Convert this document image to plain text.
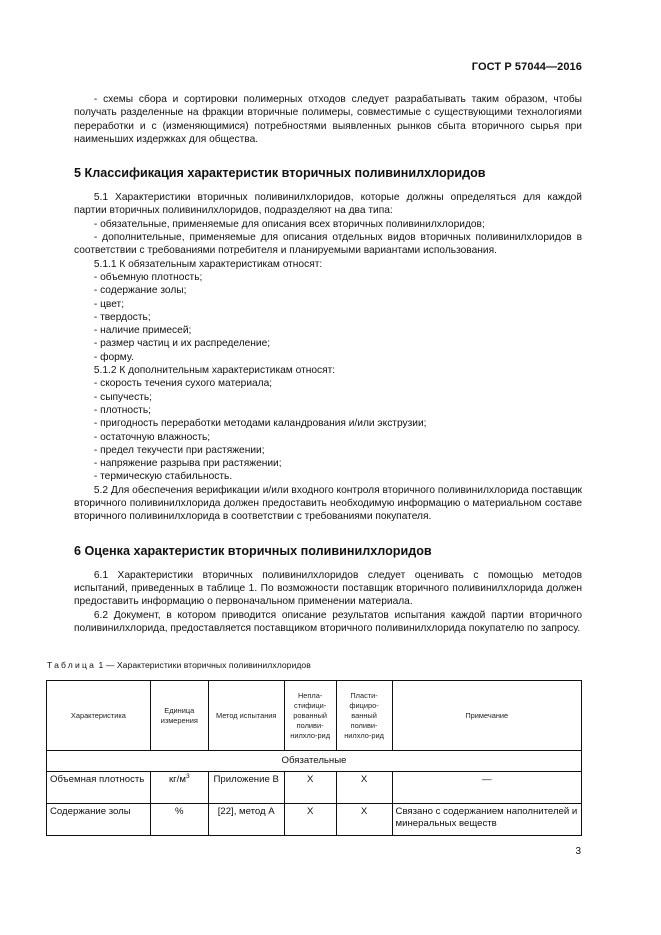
ГОСТ Р 57044—2016

- схемы сбора и сортировки полимерных отходов следует разрабатывать таким образом, чтобы получать разделенные на фракции вторичные полимеры, совместимые с существующими технологиями переработки и с (изменяющимися) потребностями выявленных рынков сбыта вторичного сырья при наименьших издержках для общества.

5 Классификация характеристик вторичных поливинилхлоридов

5.1 Характеристики вторичных поливинилхлоридов, которые должны определяться для каждой партии вторичных поливинилхлоридов, подразделяют на два типа:

- обязательные, применяемые для описания всех вторичных поливинилхлоридов;

- дополнительные, применяемые для описания отдельных видов вторичных поливинилхлоридов в соответствии с требованиями потребителя и планируемыми вариантами использования.

5.1.1 К обязательным характеристикам относят:

- объемную плотность;

- содержание золы;

- цвет;

- твердость;

- наличие примесей;

- размер частиц и их распределение;

- форму.

5.1.2 К дополнительным характеристикам относят:

- скорость течения сухого материала;

- сыпучесть;

- плотность;

- пригодность переработки методами каландрования и/или экструзии;

- остаточную влажность;

- предел текучести при растяжении;

- напряжение разрыва при растяжении;

- термическую стабильность.

5.2 Для обеспечения верификации и/или входного контроля вторичного поливинилхлорида поставщик вторичного поливинилхлорида должен предоставить необходимую информацию о материальном составе вторичного поливинилхлорида в соответствии с требованиями покупателя.

6 Оценка характеристик вторичных поливинилхлоридов

6.1 Характеристики вторичных поливинилхлоридов следует оценивать с помощью методов испытаний, приведенных в таблице 1. По возможности поставщик вторичного поливинилхлорида должен предоставить информацию о первоначальном применении материала.

6.2 Документ, в котором приводится описание результатов испытания каждой партии вторичного поливинилхлорида, предоставляется поставщиком вторичного поливинилхлорида покупателю по запросу.

Таблица 1 — Характеристики вторичных поливинилхлоридов
Характеристика	Единица измерения	Метод испытания	Непла-стифици-рованный поливи-нилхло-рид	Пласти-фициро-ванный поливи-нилхло-рид	Примечание
Обязательные					
Объемная плотность	$кг/м^3$	Приложение В	X	X	—
Содержание золы	%	[22], метод А	X	X	Связано с содержанием наполнителей и минеральных веществ
3
